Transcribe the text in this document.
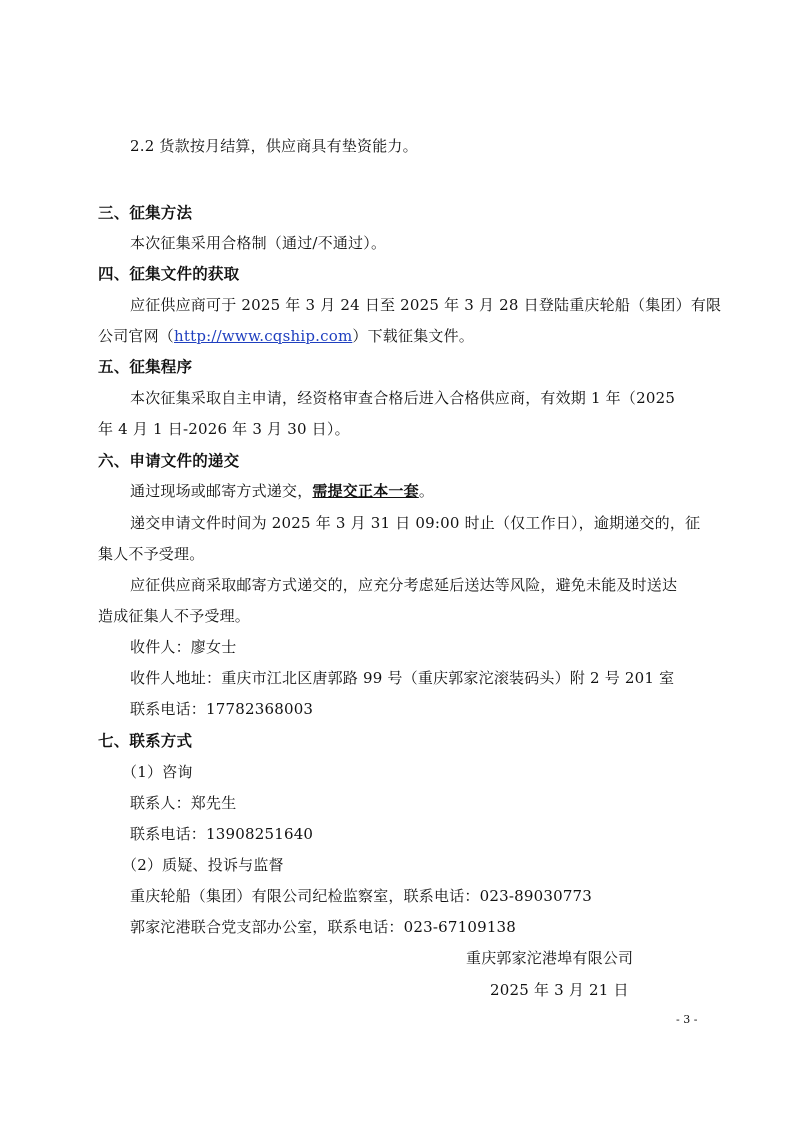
2.2 货款按月结算，供应商具有垫资能力。
三、征集方法
本次征集采用合格制（通过/不通过）。
四、征集文件的获取
应征供应商可于 2025 年 3 月 24 日至 2025 年 3 月 28 日登陆重庆轮船（集团）有限
公司官网（http://www.cqship.com）下载征集文件。
五、征集程序
本次征集采取自主申请，经资格审查合格后进入合格供应商，有效期 1 年（2025
年 4 月 1 日-2026 年 3 月 30 日）。
六、申请文件的递交
通过现场或邮寄方式递交，需提交正本一套。
递交申请文件时间为 2025 年 3 月 31 日 09:00 时止（仅工作日），逾期递交的，征
集人不予受理。
应征供应商采取邮寄方式递交的，应充分考虑延后送达等风险，避免未能及时送达
造成征集人不予受理。
收件人：廖女士
收件人地址：重庆市江北区唐郭路 99 号（重庆郭家沱滚装码头）附 2 号 201 室
联系电话：17782368003
七、联系方式
（1）咨询
联系人：郑先生
联系电话：13908251640
（2）质疑、投诉与监督
重庆轮船（集团）有限公司纪检监察室，联系电话：023-89030773
郭家沱港联合党支部办公室，联系电话：023-67109138
重庆郭家沱港埠有限公司
2025 年 3 月 21 日
- 3 -
